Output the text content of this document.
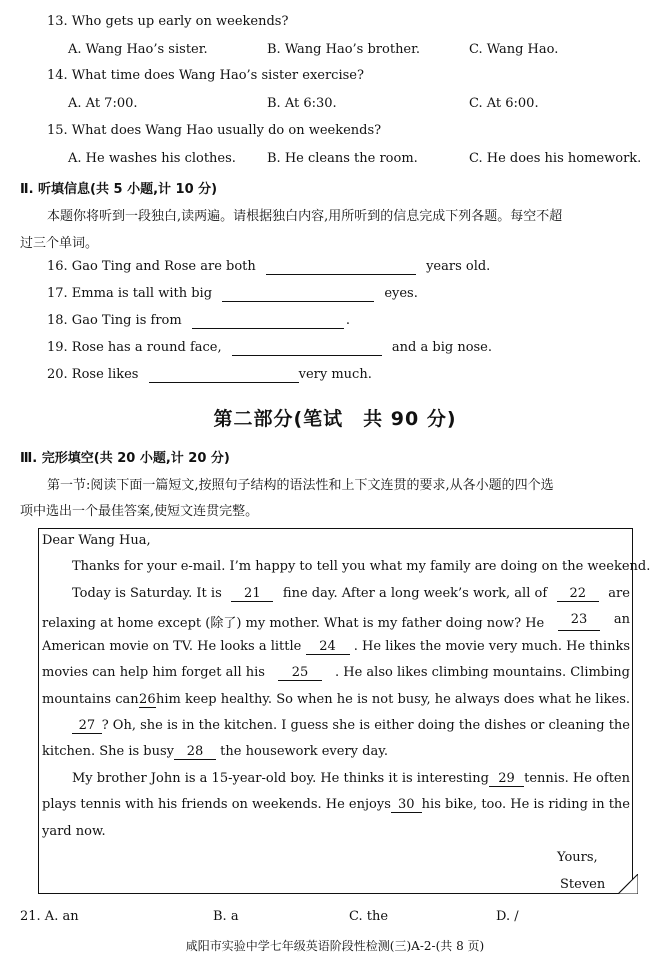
13. Who gets up early on weekends?
A. Wang Hao’s sister.	B. Wang Hao’s brother.	C. Wang Hao.
14. What time does Wang Hao’s sister exercise?
A. At 7:00.	B. At 6:30.	C. At 6:00.
15. What does Wang Hao usually do on weekends?
A. He washes his clothes. B. He cleans the room.	C. He does his homework.
Ⅱ. 听填信息(共 5 小题,计 10 分)
本题你将听到一段独白,读两遍。请根据独白内容,用所听到的信息完成下列各题。每空不超
过三个单词。
16. Gao Ting and Rose are both	years old.
17. Emma is tall with big	eyes.
18. Gao Ting is from	.
19. Rose has a round face,	and a big nose.
20. Rose likes	very much.
第二部分(笔试　共 90 分)
Ⅲ. 完形填空(共 20 小题,计 20 分)
第一节:阅读下面一篇短文,按照句子结构的语法性和上下文连贯的要求,从各小题的四个选
项中选出一个最佳答案,使短文连贯完整。
Dear Wang Hua,
Thanks for your e-mail. I’m happy to tell you what my family are doing on the weekend.
Today is Saturday. It is	21	fine day. After a long week’s work, all of	22	are
relaxing at home except (除了) my mother. What is my father doing now? He	23	an
American movie on TV. He looks a little	24	. He likes the movie very much. He thinks
movies can help him forget all his	25	. He also likes climbing mountains. Climbing
mountains can 26 him keep healthy. So when he is not busy, he always does what he likes.
27 ? Oh, she is in the kitchen. I guess she is either doing the dishes or cleaning the
kitchen. She is busy 28 the housework every day.
My brother John is a 15-year-old boy. He thinks it is interesting 29 tennis. He often
plays tennis with his friends on weekends. He enjoys 30 his bike, too. He is riding in the
yard now.
Yours,
Steven
21. A. an	B. a	C. the	D. /
咸阳市实验中学七年级英语阶段性检测(三)A-2-(共 8 页)
